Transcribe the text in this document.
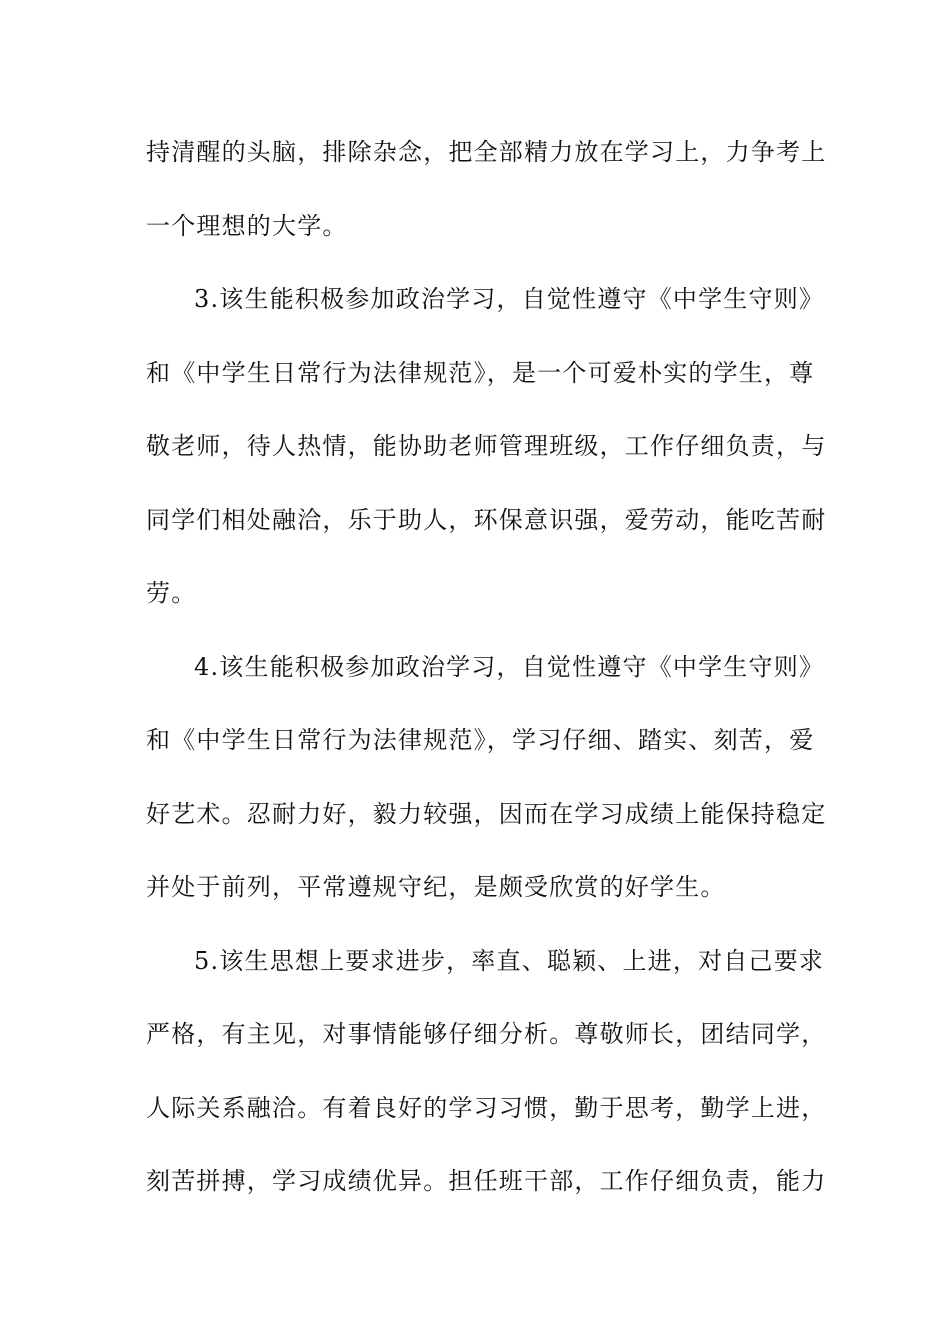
持清醒的头脑，排除杂念，把全部精力放在学习上，力争考上
一个理想的大学。
3.该生能积极参加政治学习，自觉性遵守《中学生守则》
和《中学生日常行为法律规范》，是一个可爱朴实的学生，尊
敬老师，待人热情，能协助老师管理班级，工作仔细负责，与
同学们相处融洽，乐于助人，环保意识强，爱劳动，能吃苦耐
劳。
4.该生能积极参加政治学习，自觉性遵守《中学生守则》
和《中学生日常行为法律规范》，学习仔细、踏实、刻苦，爱
好艺术。忍耐力好，毅力较强，因而在学习成绩上能保持稳定
并处于前列，平常遵规守纪，是颇受欣赏的好学生。
5.该生思想上要求进步，率直、聪颖、上进，对自己要求
严格，有主见，对事情能够仔细分析。尊敬师长，团结同学，
人际关系融洽。有着良好的学习习惯，勤于思考，勤学上进，
刻苦拼搏，学习成绩优异。担任班干部，工作仔细负责，能力
